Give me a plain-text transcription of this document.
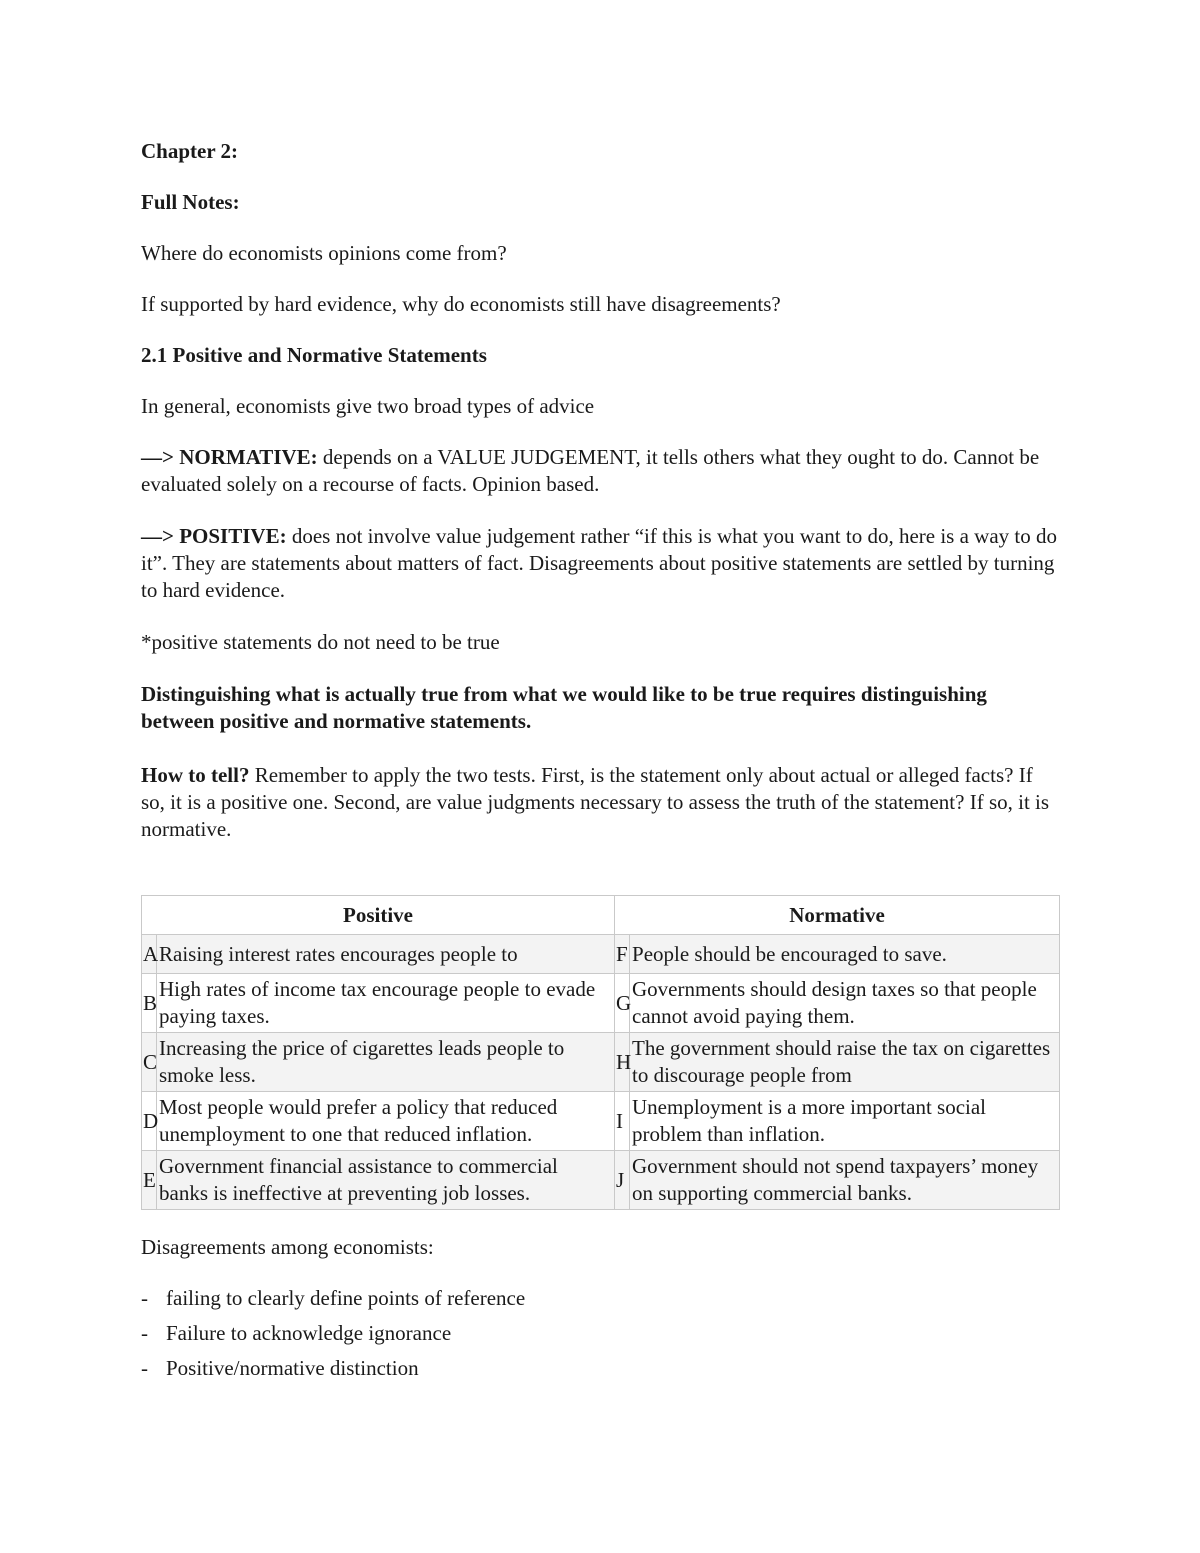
Chapter 2:

Full Notes:

Where do economists opinions come from?

If supported by hard evidence, why do economists still have disagreements?

2.1 Positive and Normative Statements

In general, economists give two broad types of advice

—> NORMATIVE: depends on a VALUE JUDGEMENT, it tells others what they ought to do. Cannot be evaluated solely on a recourse of facts. Opinion based.

—> POSITIVE: does not involve value judgement rather “if this is what you want to do, here is a way to do it”. They are statements about matters of fact. Disagreements about positive statements are settled by turning to hard evidence.

*positive statements do not need to be true

Distinguishing what is actually true from what we would like to be true requires distinguishing between positive and normative statements.

How to tell? Remember to apply the two tests. First, is the statement only about actual or alleged facts? If so, it is a positive one. Second, are value judgments necessary to assess the truth of the statement? If so, it is normative.

Positive		Normative	
A	Raising interest rates encourages people to	F	People should be encouraged to save.

B	High rates of income tax encourage people to evade paying taxes.	G	Governments should design taxes so that people cannot avoid paying them.

C	Increasing the price of cigarettes leads people to smoke less.	H	The government should raise the tax on cigarettes to discourage people from

D	Most people would prefer a policy that reduced unemployment to one that reduced inflation.	I	Unemployment is a more important social problem than inflation.

E	Government financial assistance to commercial banks is ineffective at preventing job losses.	J	Government should not spend taxpayers’ money on supporting commercial banks.

Disagreements among economists:

- failing to clearly define points of reference
- Failure to acknowledge ignorance
- Positive/normative distinction
